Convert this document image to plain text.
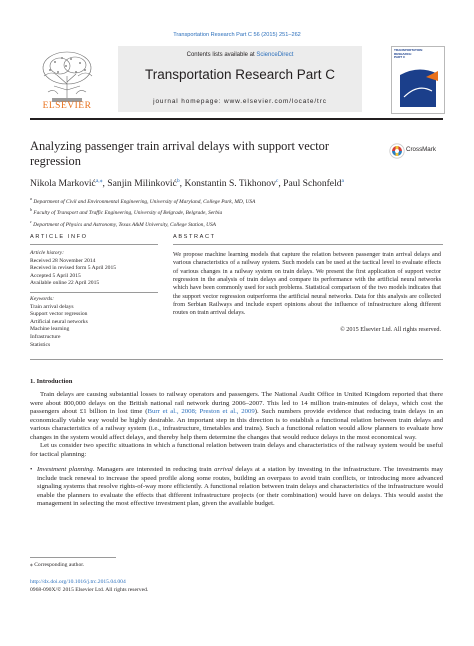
Transportation Research Part C 56 (2015) 251–262
ELSEVIER
Contents lists available at ScienceDirect
Transportation Research Part C
journal homepage: www.elsevier.com/locate/trc
TRANSPORTATION
RESEARCH
PART C
Analyzing passenger train arrival delays with support vector regression
CrossMark
Nikola Marković$^{a,⁎}$, Sanjin Milinković$^b$, Konstantin S. Tikhonov$^c$, Paul Schonfeld$^a$
$^a$ Department of Civil and Environmental Engineering, University of Maryland, College Park, MD, USA
$^b$ Faculty of Transport and Traffic Engineering, University of Belgrade, Belgrade, Serbia
$^c$ Department of Physics and Astronomy, Texas A&M University, College Station, USA
ARTICLE INFO	ABSTRACT
Article history:
Received 28 November 2014
Received in revised form 5 April 2015
Accepted 5 April 2015
Available online 22 April 2015
Keywords:
Train arrival delays
Support vector regression
Artificial neural networks
Machine learning
Infrastructure
Statistics
We propose machine learning models that capture the relation between passenger train arrival delays and various characteristics of a railway system. Such models can be used at the tactical level to evaluate effects of various changes in a railway system on train delays. We present the first application of support vector regression in the analysis of train delays and compare its performance with the artificial neural networks which have been commonly used for such problems. Statistical comparison of the two models indicates that the support vector regression outperforms the artificial neural networks. Data for this analysis are collected from Serbian Railways and include expert opinions about the influence of infrastructure along different routes on train arrival delays.
© 2015 Elsevier Ltd. All rights reserved.
1. Introduction
Train delays are causing substantial losses to railway operators and passengers. The National Audit Office in United Kingdom reported that there were about 800,000 delays on the British national rail network during 2006–2007. This led to 14 million train-minutes of delays, which cost the passengers about £1 billion in lost time (Burr et al., 2008; Preston et al., 2009). Such numbers provide evidence that reducing train delays in an economically viable way would be highly desirable. An important step in this direction is to establish a functional relation between train delays and various characteristics of a railway system (i.e., infrastructure, timetables and trains). Such a functional relation would allow planners to evaluate how changes in the system would affect delays, and thereby help them determine the changes that would reduce delays in the most economical way.
Let us consider two specific situations in which a functional relation between train delays and characteristics of the railway system would be useful for tactical planning:
• Investment planning. Managers are interested in reducing train arrival delays at a station by investing in the infrastructure. The investments may include track renewal to increase the speed profile along some routes, building an overpass to avoid train conflicts, or introducing more advanced signaling systems that resolve rights-of-way more efficiently. A functional relation between train delays and characteristics of the infrastructure would enable the planners to evaluate the effects that different infrastructure projects (or their combination) would have on delays. This would assist the management in selecting the most effective investment plan, given the available budget.
⁎ Corresponding author.
http://dx.doi.org/10.1016/j.trc.2015.04.004
0968-090X/© 2015 Elsevier Ltd. All rights reserved.
